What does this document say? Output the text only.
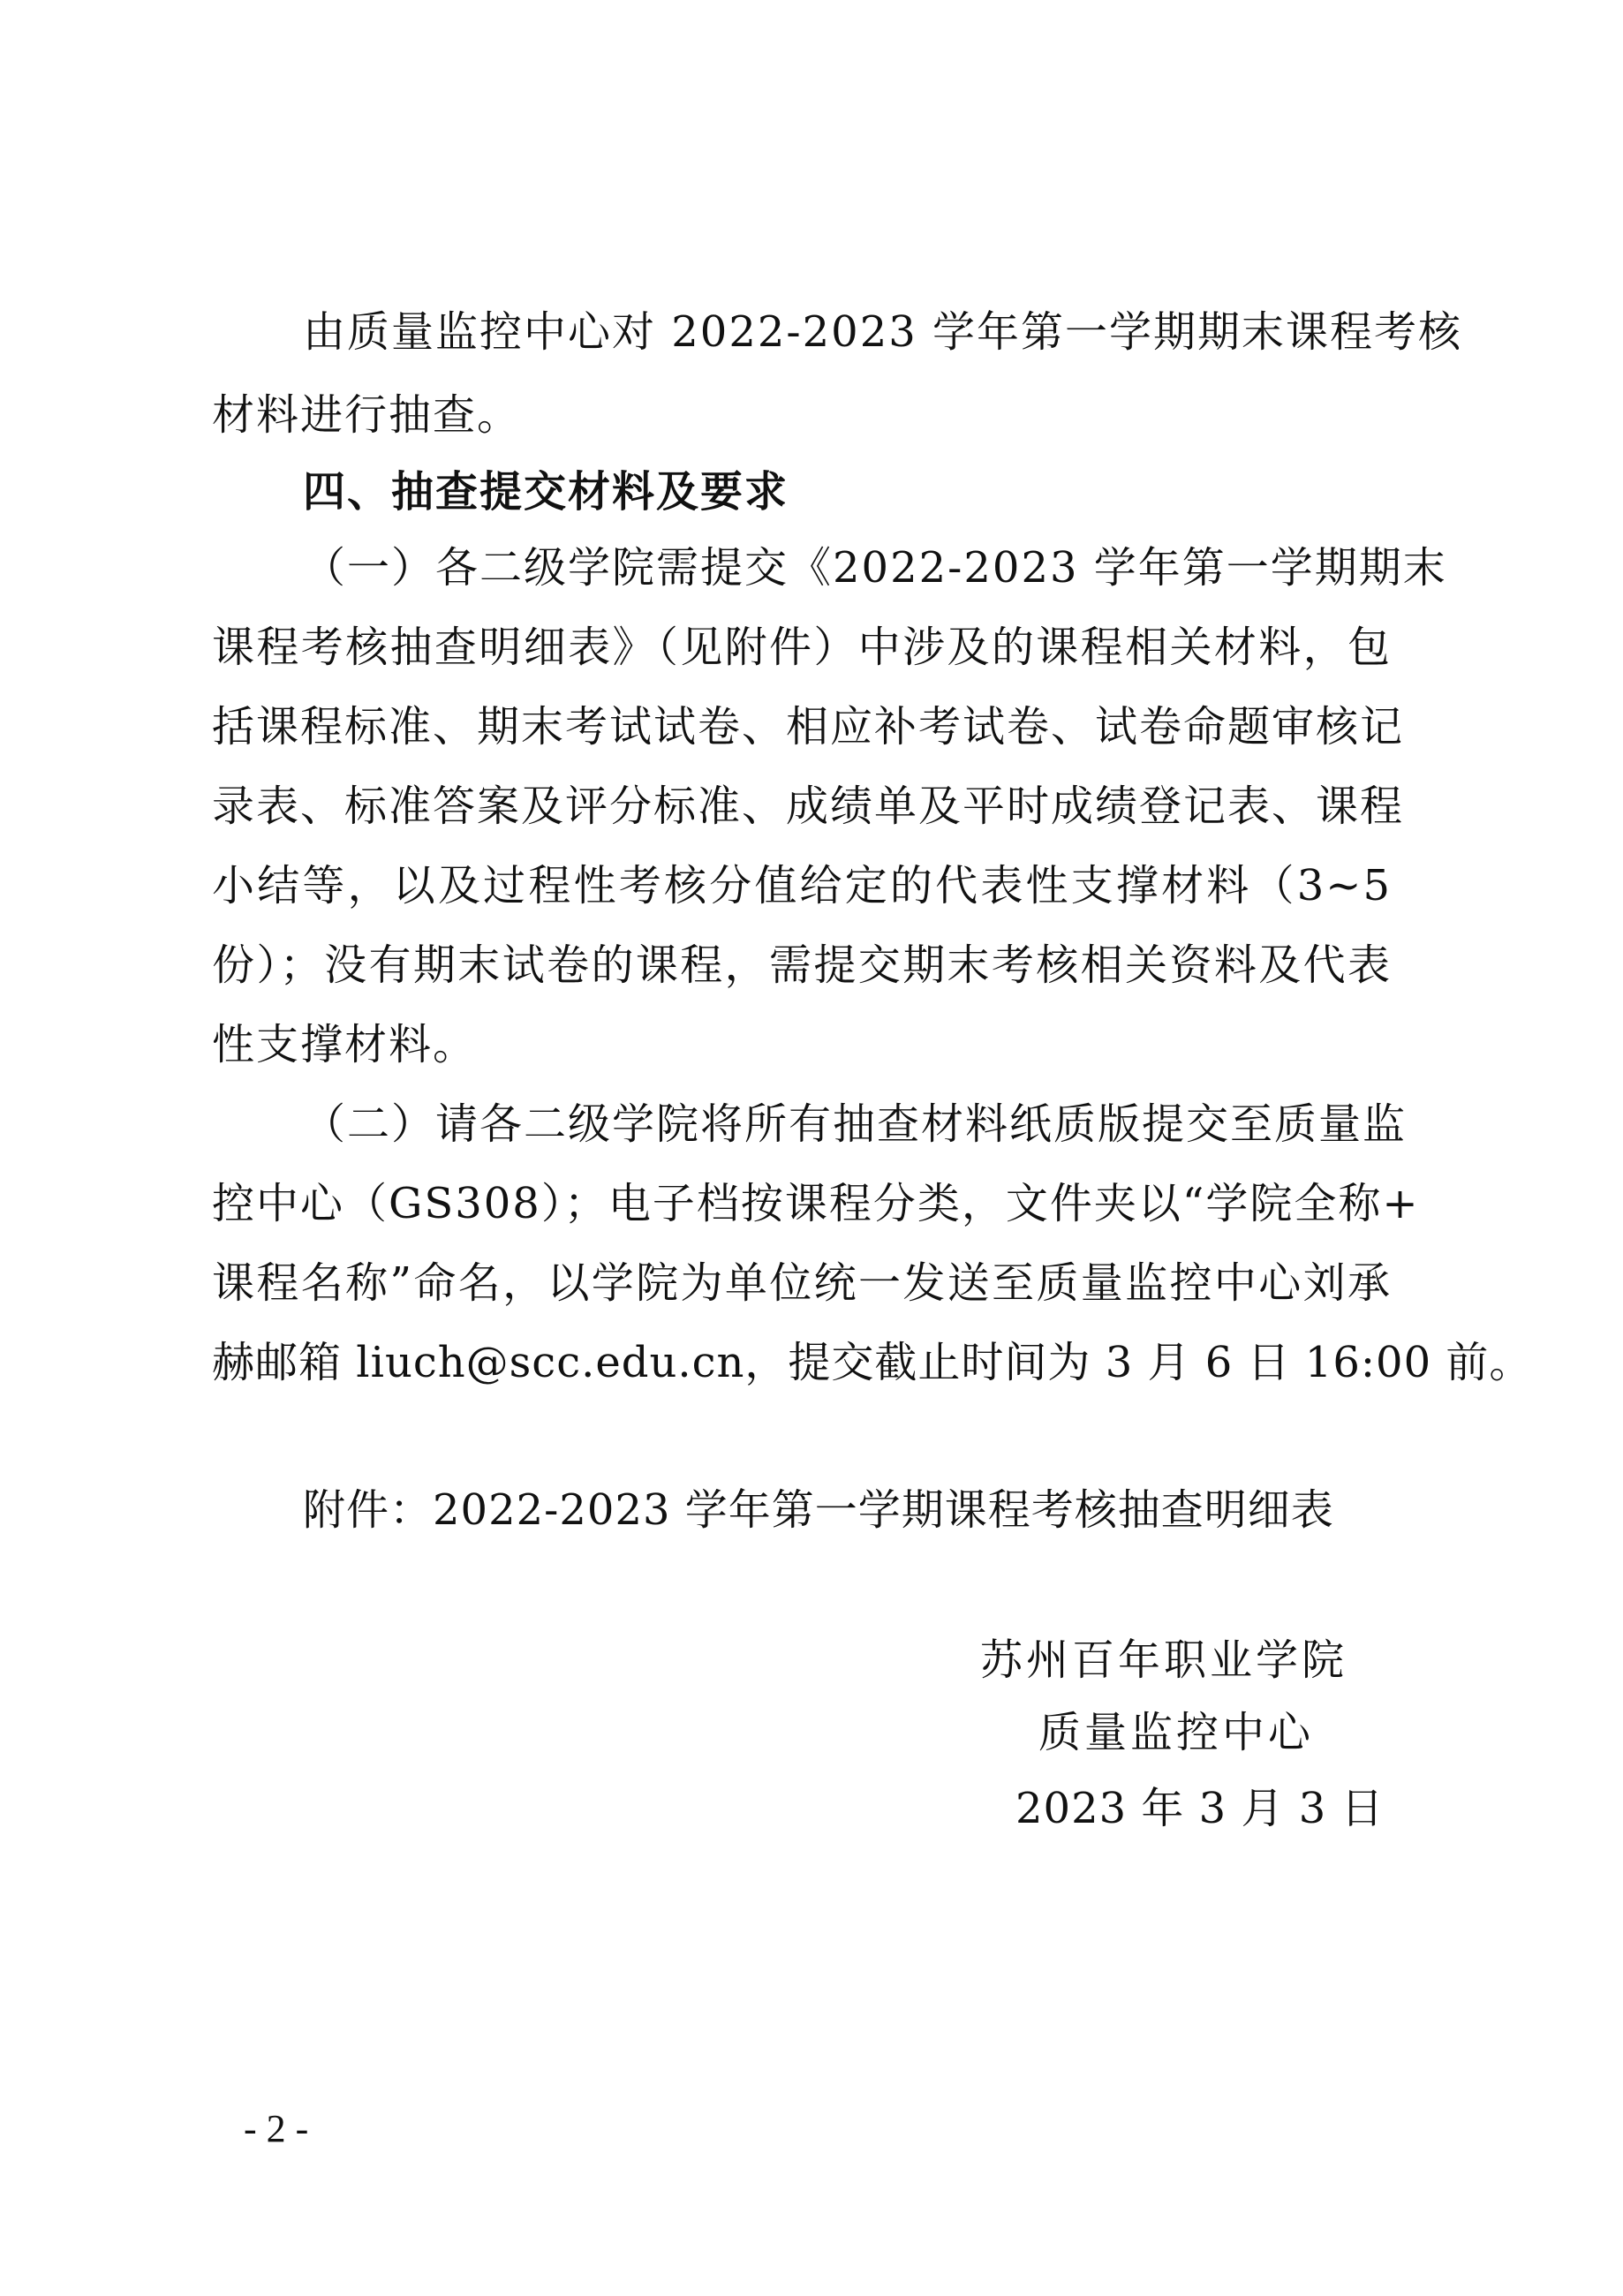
由质量监控中心对 2022-2023 学年第一学期期末课程考核
材料进行抽查。
四、抽查提交材料及要求
（一）各二级学院需提交《2022-2023 学年第一学期期末
课程考核抽查明细表》（见附件）中涉及的课程相关材料，包
括课程标准、期末考试试卷、相应补考试卷、试卷命题审核记
录表、标准答案及评分标准、成绩单及平时成绩登记表、课程
小结等，以及过程性考核分值给定的代表性支撑材料（3~5
份）；没有期末试卷的课程，需提交期末考核相关资料及代表
性支撑材料。
（二）请各二级学院将所有抽查材料纸质版提交至质量监
控中心（GS308）；电子档按课程分类，文件夹以“学院全称+
课程名称”命名，以学院为单位统一发送至质量监控中心刘承
赫邮箱 liuch@scc.edu.cn，提交截止时间为 3 月 6 日 16:00 前。
附件：2022-2023 学年第一学期课程考核抽查明细表
苏州百年职业学院
质量监控中心
2023 年 3 月 3 日
- 2 -
